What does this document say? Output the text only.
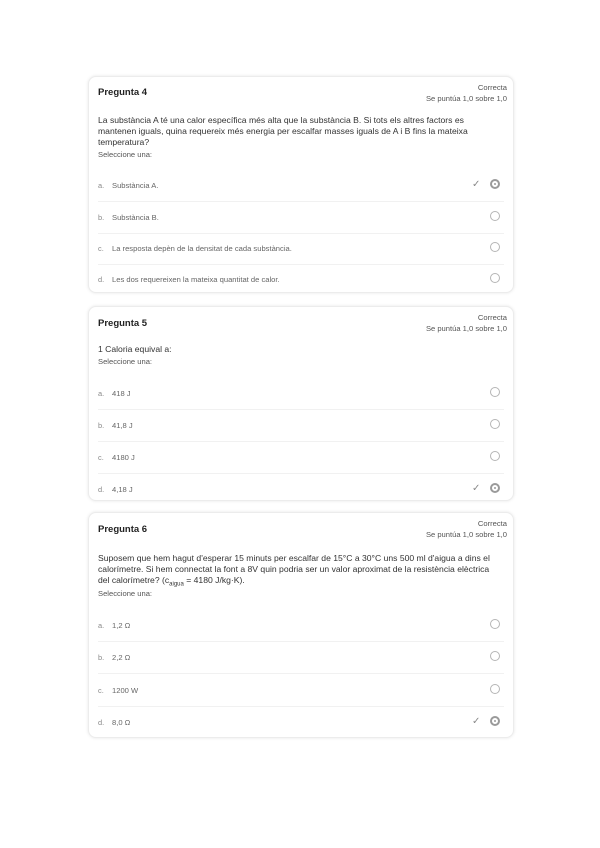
Pregunta 4	Correcta
Se puntúa 1,0 sobre 1,0
La substància A té una calor específica més alta que la substància B. Si tots els altres factors es mantenen iguals, quina requereix més energia per escalfar masses iguals de A i B fins la mateixa temperatura?
Seleccione una:
a. Substància A.	✓
b. Substància B.
c. La resposta depèn de la densitat de cada substància.
d. Les dos requereixen la mateixa quantitat de calor.
Pregunta 5
Correcta
Se puntúa 1,0 sobre 1,0
1 Caloria equival a:
Seleccione una:
a. 418 J
b. 41,8 J
c. 4180 J
d. 4,18 J	✓
Pregunta 6
Correcta
Se puntúa 1,0 sobre 1,0
Suposem que hem hagut d'esperar 15 minuts per escalfar de 15°C a 30°C uns 500 ml d'aigua a dins el calorímetre. Si hem connectat la font a 8V quin podria ser un valor aproximat de la resistència elèctrica del calorímetre? ($c_{aigua} = 4180$ J/kg·K).
Seleccione una:
a. 1,2 Ω
b. 2,2 Ω
c. 1200 W
d. 8,0 Ω	✓
